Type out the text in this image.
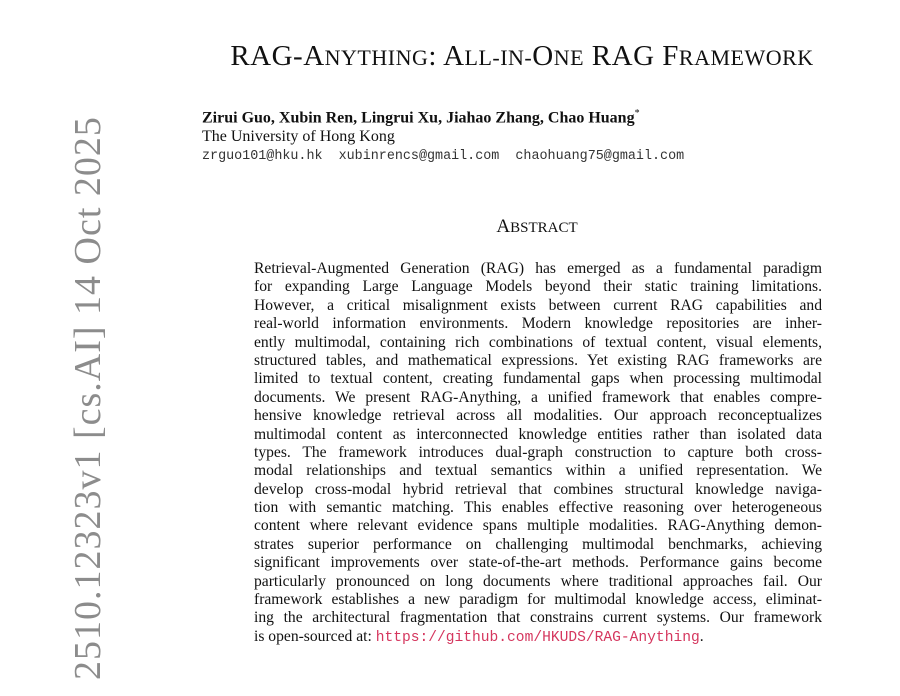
2510.12323v1 [cs.AI] 14 Oct 2025
RAG-ANYTHING: ALL-IN-ONE RAG FRAMEWORK
Zirui Guo, Xubin Ren, Lingrui Xu, Jiahao Zhang, Chao Huang*
The University of Hong Kong
zrguo101@hku.hk  xubinrencs@gmail.com  chaohuang75@gmail.com
ABSTRACT
Retrieval-Augmented Generation (RAG) has emerged as a fundamental paradigm
for expanding Large Language Models beyond their static training limitations.
However, a critical misalignment exists between current RAG capabilities and
real-world information environments. Modern knowledge repositories are inher-
ently multimodal, containing rich combinations of textual content, visual elements,
structured tables, and mathematical expressions. Yet existing RAG frameworks are
limited to textual content, creating fundamental gaps when processing multimodal
documents. We present RAG-Anything, a unified framework that enables compre-
hensive knowledge retrieval across all modalities. Our approach reconceptualizes
multimodal content as interconnected knowledge entities rather than isolated data
types. The framework introduces dual-graph construction to capture both cross-
modal relationships and textual semantics within a unified representation. We
develop cross-modal hybrid retrieval that combines structural knowledge naviga-
tion with semantic matching. This enables effective reasoning over heterogeneous
content where relevant evidence spans multiple modalities. RAG-Anything demon-
strates superior performance on challenging multimodal benchmarks, achieving
significant improvements over state-of-the-art methods. Performance gains become
particularly pronounced on long documents where traditional approaches fail. Our
framework establishes a new paradigm for multimodal knowledge access, eliminat-
ing the architectural fragmentation that constrains current systems. Our framework
is open-sourced at: https://github.com/HKUDS/RAG-Anything.
